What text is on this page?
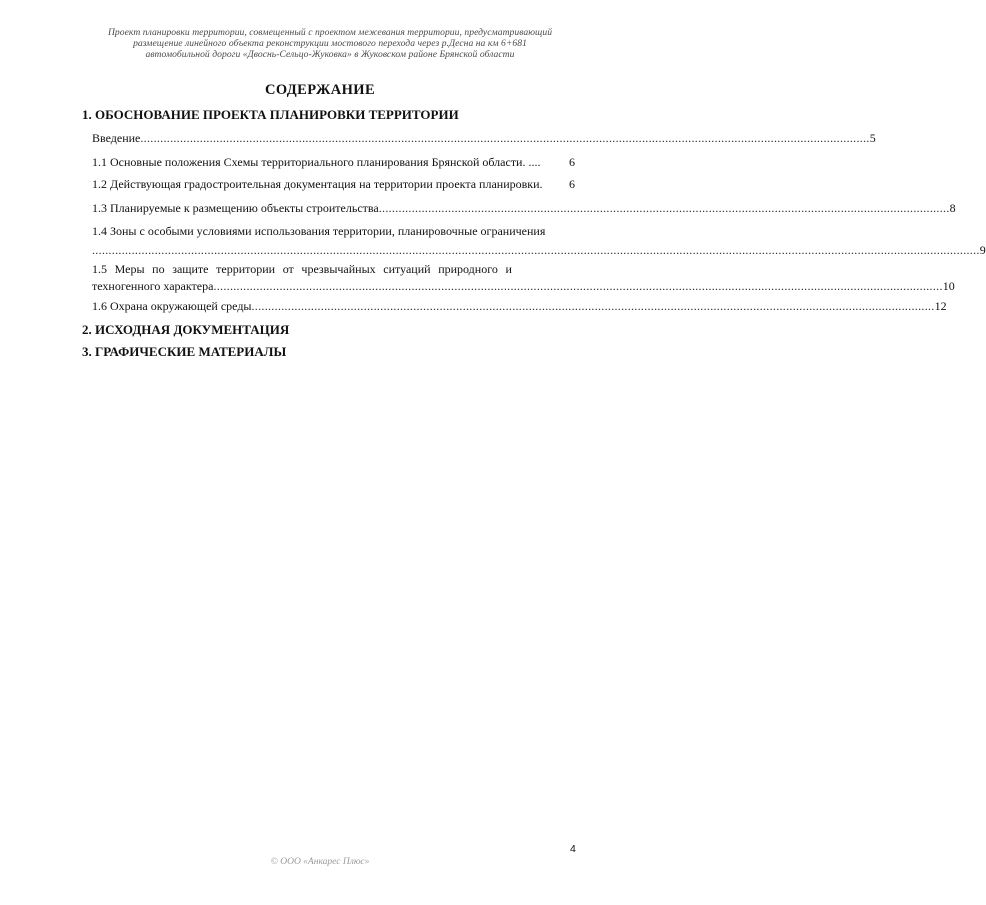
Проект планировки территории, совмещенный с проектом межевания территории, предусматривающий
размещение линейного объекта реконструкции мостового перехода через р.Десна на км 6+681
автомобильной дороги «Двоснь-Сельцо-Жуковка» в Жуковском районе Брянской области
СОДЕРЖАНИЕ
1. ОБОСНОВАНИЕ ПРОЕКТА ПЛАНИРОВКИ ТЕРРИТОРИИ
Введение ............................................................................................................................................................................................................................. 5
1.1 Основные положения Схемы территориального планирования Брянской области. .... 6
1.2 Действующая градостроительная документация на территории проекта планировки. 6
1.3 Планируемые к размещению объекты строительства ............................................................................................................................................................................. 8
1.4 Зоны с особыми условиями использования территории, планировочные ограничения
............................................................................................................................................................................................................................................................................. 9
1.5 Меры по защите территории от чрезвычайных ситуаций природного и
техногенного характера ............................................................................................................................................................................................................................. 10
1.6 Охрана окружающей среды ............................................................................................................................................................................................................... 12
2. ИСХОДНАЯ ДОКУМЕНТАЦИЯ
3. ГРАФИЧЕСКИЕ МАТЕРИАЛЫ
4
© ООО «Анкарес Плюс»
